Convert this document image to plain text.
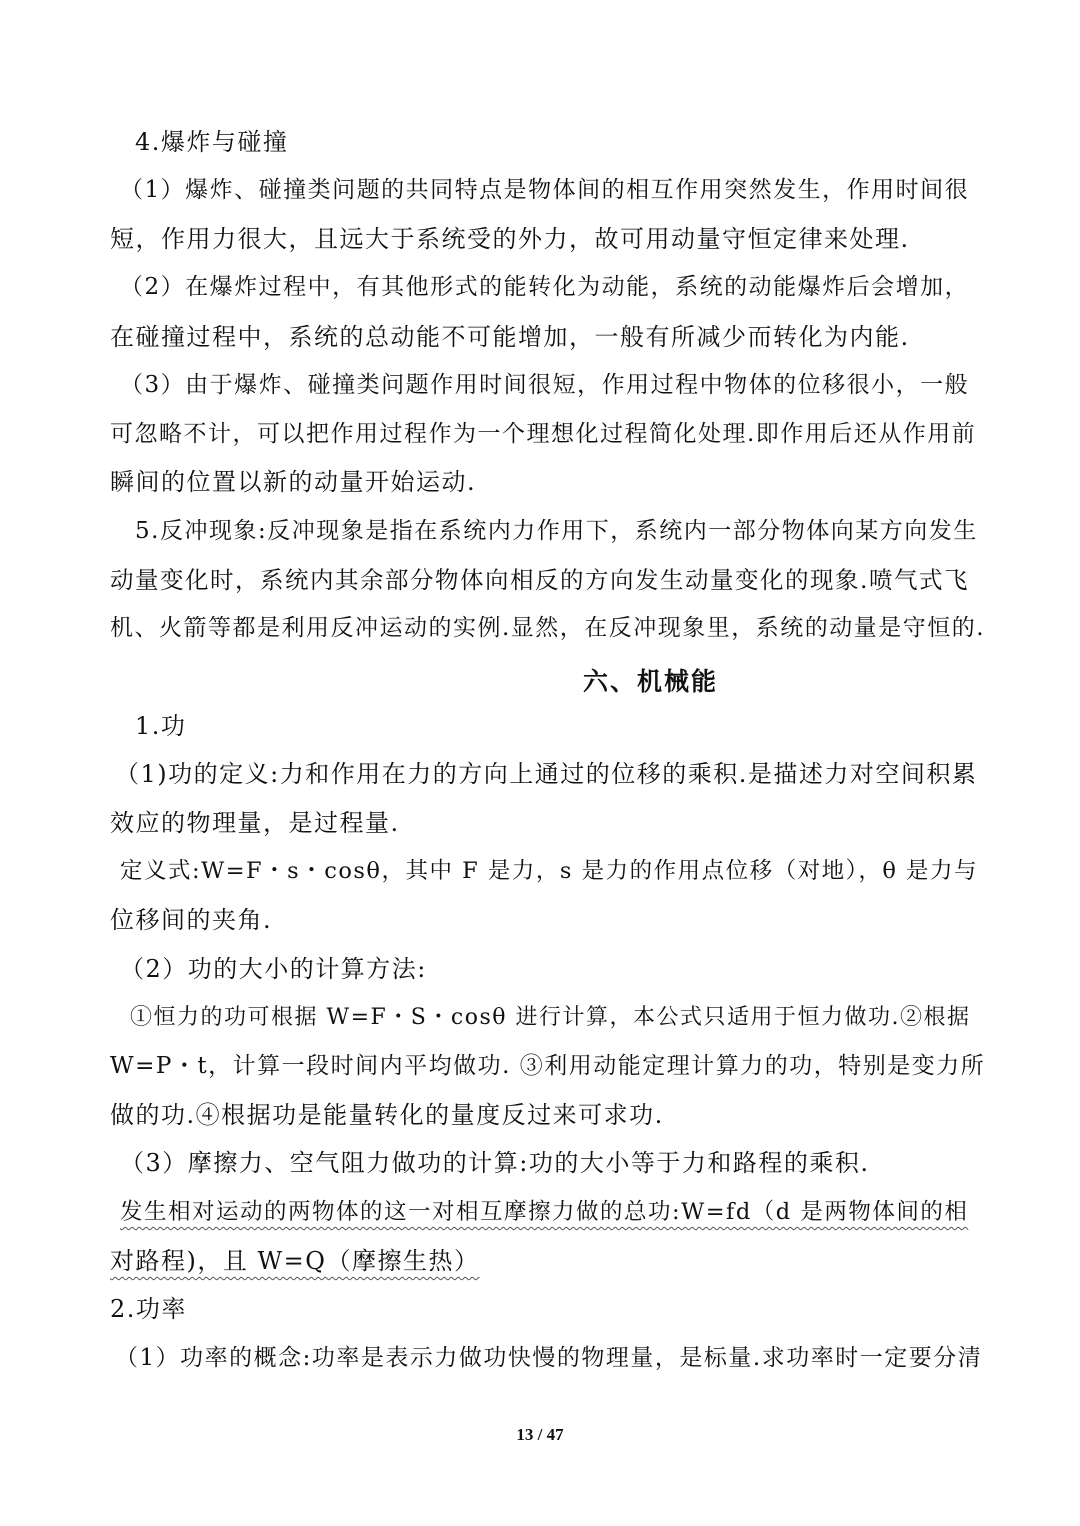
4.爆炸与碰撞
（1）爆炸、碰撞类问题的共同特点是物体间的相互作用突然发生，作用时间很
短，作用力很大，且远大于系统受的外力，故可用动量守恒定律来处理.
（2）在爆炸过程中，有其他形式的能转化为动能，系统的动能爆炸后会增加，
在碰撞过程中，系统的总动能不可能增加，一般有所减少而转化为内能.
（3）由于爆炸、碰撞类问题作用时间很短，作用过程中物体的位移很小，一般
可忽略不计，可以把作用过程作为一个理想化过程简化处理.即作用后还从作用前
瞬间的位置以新的动量开始运动.
5.反冲现象:反冲现象是指在系统内力作用下，系统内一部分物体向某方向发生
动量变化时，系统内其余部分物体向相反的方向发生动量变化的现象.喷气式飞
机、火箭等都是利用反冲运动的实例.显然，在反冲现象里，系统的动量是守恒的.
六、机械能
1.功
（1)功的定义:力和作用在力的方向上通过的位移的乘积.是描述力对空间积累
效应的物理量，是过程量.
定义式:W=F・s・cosθ，其中 F 是力，s 是力的作用点位移（对地），θ 是力与
位移间的夹角.
（2）功的大小的计算方法:
①恒力的功可根据 W=F・S・cosθ 进行计算，本公式只适用于恒力做功.②根据
W=P・t，计算一段时间内平均做功. ③利用动能定理计算力的功，特别是变力所
做的功.④根据功是能量转化的量度反过来可求功.
（3）摩擦力、空气阻力做功的计算:功的大小等于力和路程的乘积.
发生相对运动的两物体的这一对相互摩擦力做的总功:W=fd（d 是两物体间的相
对路程)，且 W=Q（摩擦生热）
2.功率
（1）功率的概念:功率是表示力做功快慢的物理量，是标量.求功率时一定要分清
13 / 47
